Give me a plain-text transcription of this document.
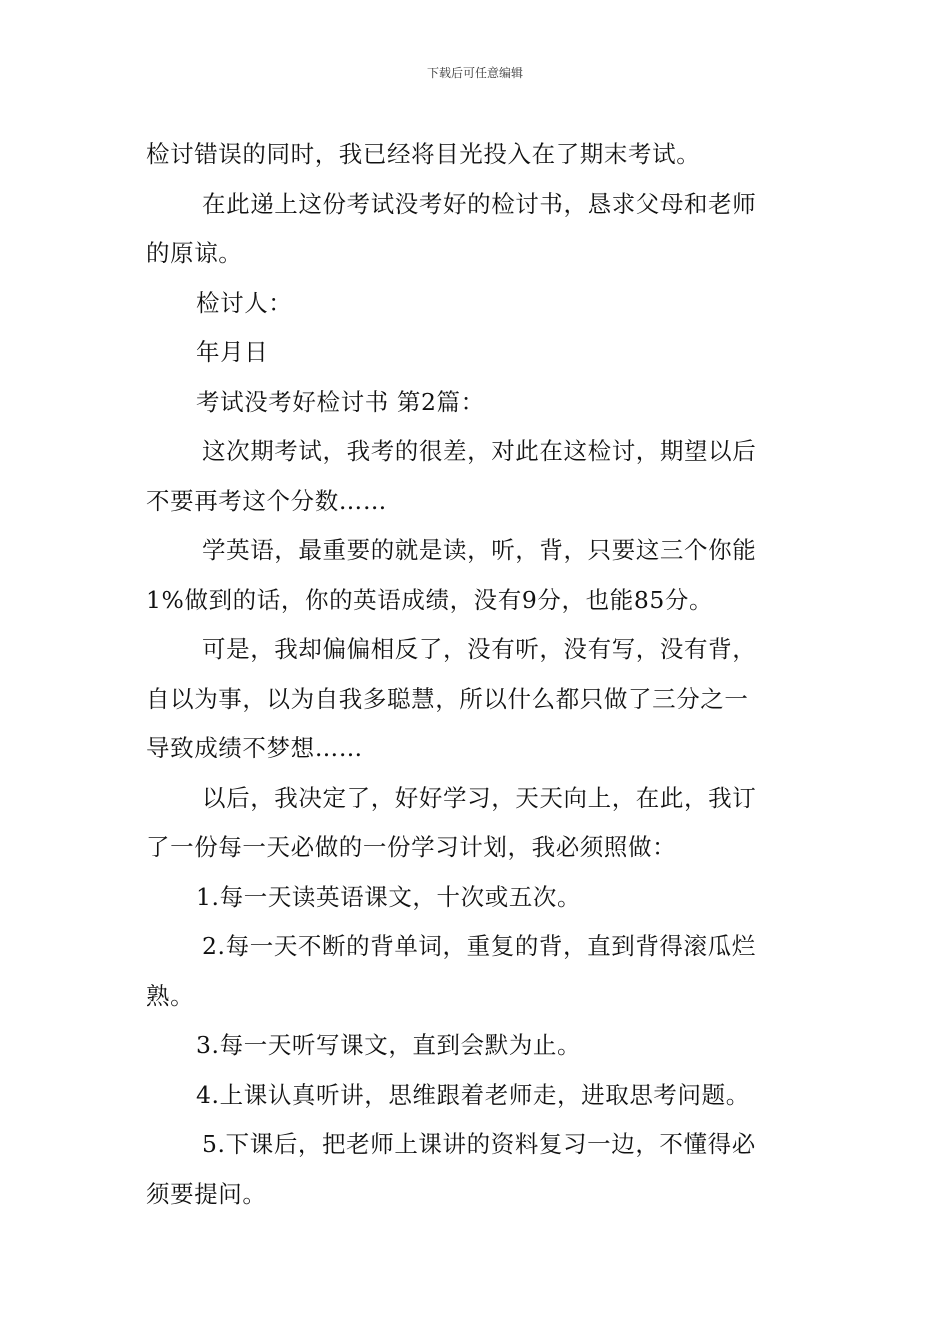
下载后可任意编辑
检讨错误的同时，我已经将目光投入在了期末考试。
在此递上这份考试没考好的检讨书，恳求父母和老师
的原谅。
检讨人：
年月日
考试没考好检讨书 第2篇：
这次期考试，我考的很差，对此在这检讨，期望以后
不要再考这个分数……
学英语，最重要的就是读，听，背，只要这三个你能
1%做到的话，你的英语成绩，没有9分，也能85分。
可是，我却偏偏相反了，没有听，没有写，没有背，
自以为事，以为自我多聪慧，所以什么都只做了三分之一
导致成绩不梦想……
以后，我决定了，好好学习，天天向上，在此，我订
了一份每一天必做的一份学习计划，我必须照做：
1.每一天读英语课文，十次或五次。
2.每一天不断的背单词，重复的背，直到背得滚瓜烂
熟。
3.每一天听写课文，直到会默为止。
4.上课认真听讲，思维跟着老师走，进取思考问题。
5.下课后，把老师上课讲的资料复习一边，不懂得必
须要提问。
